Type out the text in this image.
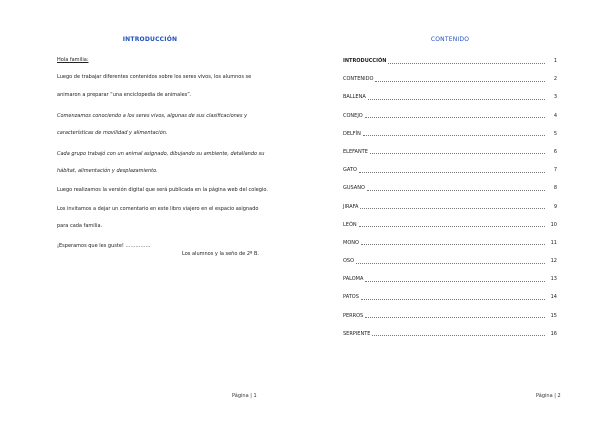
INTRODUCCIÓN

Hola familia:

Luego de trabajar diferentes contenidos sobre los seres vivos, los alumnos se

animaron a preparar “una enciclopedia de animales”.

Comenzamos conociendo a los seres vivos, algunas de sus clasificaciones y

características de movilidad y alimentación.

Cada grupo trabajó con un animal asignado, dibujando su ambiente, detallando su

hábitat, alimentación y desplazamiento.

Luego realizamos la versión digital que será publicada en la página web del colegio.

Los invitamos a dejar un comentario en este libro viajero en el espacio asignado

para cada familia.

¡Esperamos que les guste! ……………

Los alumnos y la seño de 2º B.
Página | 1
CONTENIDO
INTRODUCCIÓN	1
CONTENIDO	2
BALLENA	3
CONEJO	4
DELFÍN	5
ELEFANTE	6
GATO	7
GUSANO	8
JIRAFA	9
LEÓN	10
MONO	11
OSO	12
PALOMA	13
PATOS	14
PERROS	15
SERPIENTE	16
Página | 2
